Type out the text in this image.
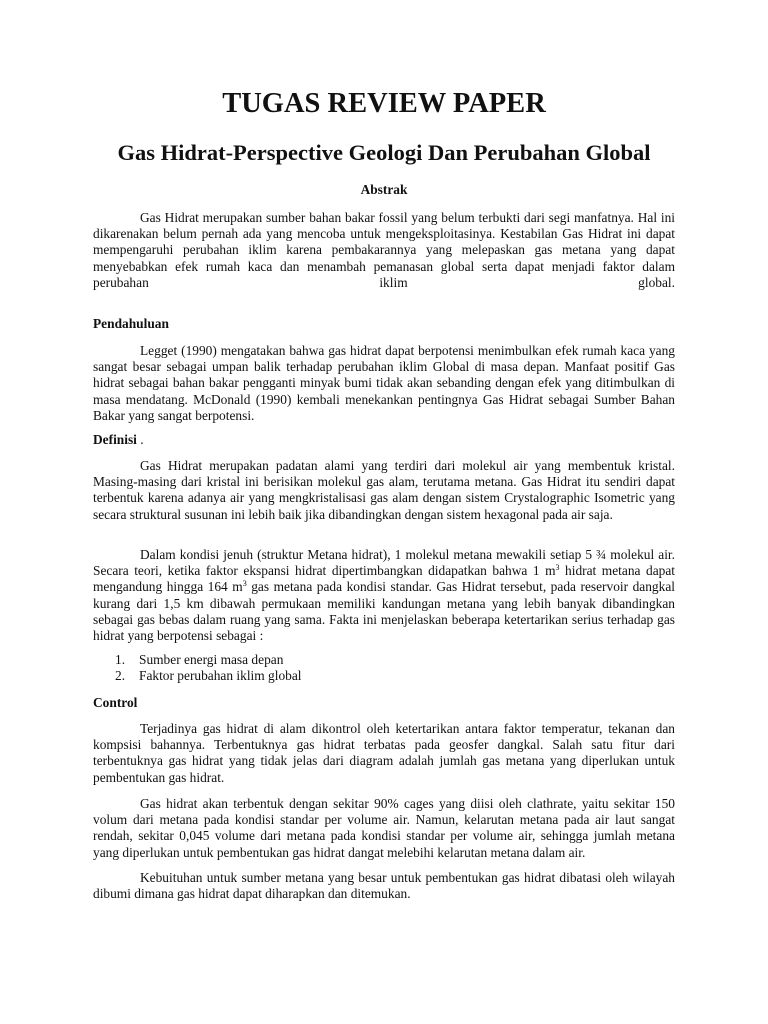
TUGAS REVIEW PAPER
Gas Hidrat-Perspective Geologi Dan Perubahan Global
Abstrak

Gas Hidrat merupakan sumber bahan bakar fossil yang belum terbukti dari segi manfatnya. Hal ini dikarenakan belum pernah ada yang mencoba untuk mengeksploitasinya. Kestabilan Gas Hidrat ini dapat mempengaruhi perubahan iklim karena pembakarannya yang melepaskan gas metana yang dapat menyebabkan efek rumah kaca dan menambah pemanasan global serta dapat menjadi faktor dalam perubahan iklim global.

Pendahuluan

Legget (1990) mengatakan bahwa gas hidrat dapat berpotensi menimbulkan efek rumah kaca yang sangat besar sebagai umpan balik terhadap perubahan iklim Global di masa depan. Manfaat positif Gas hidrat sebagai bahan bakar pengganti minyak bumi tidak akan sebanding dengan efek yang ditimbulkan di masa mendatang. McDonald (1990) kembali menekankan pentingnya Gas Hidrat sebagai Sumber Bahan Bakar yang sangat berpotensi.

Definisi .

Gas Hidrat merupakan padatan alami yang terdiri dari molekul air yang membentuk kristal. Masing-masing dari kristal ini berisikan molekul gas alam, terutama metana. Gas Hidrat itu sendiri dapat terbentuk karena adanya air yang mengkristalisasi gas alam dengan sistem Crystalographic Isometric yang secara struktural susunan ini lebih baik jika dibandingkan dengan sistem hexagonal pada air saja.

Dalam kondisi jenuh (struktur Metana hidrat), 1 molekul metana mewakili setiap 5 ¾ molekul air. Secara teori, ketika faktor ekspansi hidrat dipertimbangkan didapatkan bahwa 1 $m^3$ hidrat metana dapat mengandung hingga 164 $m^3$ gas metana pada kondisi standar. Gas Hidrat tersebut, pada reservoir dangkal kurang dari 1,5 km dibawah permukaan memiliki kandungan metana yang lebih banyak dibandingkan sebagai gas bebas dalam ruang yang sama. Fakta ini menjelaskan beberapa ketertarikan serius terhadap gas hidrat yang berpotensi sebagai :

1. Sumber energi masa depan
2. Faktor perubahan iklim global

Control

Terjadinya gas hidrat di alam dikontrol oleh ketertarikan antara faktor temperatur, tekanan dan kompsisi bahannya. Terbentuknya gas hidrat terbatas pada geosfer dangkal. Salah satu fitur dari terbentuknya gas hidrat yang tidak jelas dari diagram adalah jumlah gas metana yang diperlukan untuk pembentukan gas hidrat.

Gas hidrat akan terbentuk dengan sekitar 90% cages yang diisi oleh clathrate, yaitu sekitar 150 volum dari metana pada kondisi standar per volume air. Namun, kelarutan metana pada air laut sangat rendah, sekitar 0,045 volume dari metana pada kondisi standar per volume air, sehingga jumlah metana yang diperlukan untuk pembentukan gas hidrat dangat melebihi kelarutan metana dalam air.

Kebuituhan untuk sumber metana yang besar untuk pembentukan gas hidrat dibatasi oleh wilayah dibumi dimana gas hidrat dapat diharapkan dan ditemukan.
